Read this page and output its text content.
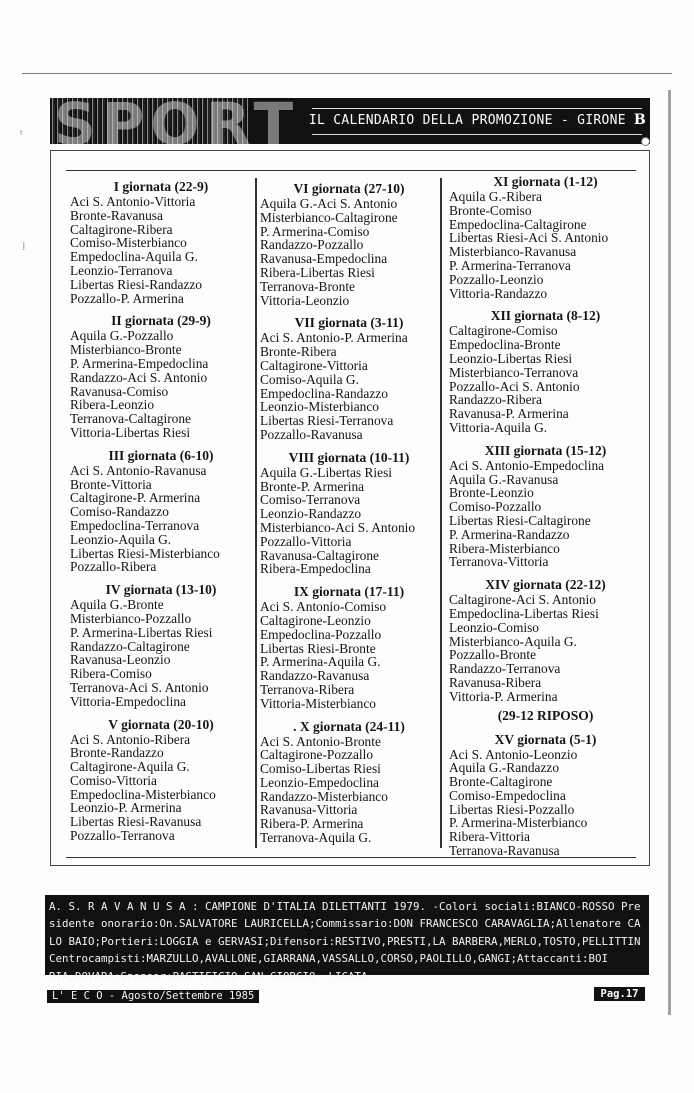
ᵗ
⁞
SPORT IL CALENDARIO DELLA PROMOZIONE - GIRONE B
I giornata (22-9)
Aci S. Antonio-Vittoria
Bronte-Ravanusa
Caltagirone-Ribera
Comiso-Misterbianco
Empedoclina-Aquila G.
Leonzio-Terranova
Libertas Riesi-Randazzo
Pozzallo-P. Armerina
II giornata (29-9)
Aquila G.-Pozzallo
Misterbianco-Bronte
P. Armerina-Empedoclina
Randazzo-Aci S. Antonio
Ravanusa-Comiso
Ribera-Leonzio
Terranova-Caltagirone
Vittoria-Libertas Riesi
III giornata (6-10)
Aci S. Antonio-Ravanusa
Bronte-Vittoria
Caltagirone-P. Armerina
Comiso-Randazzo
Empedoclina-Terranova
Leonzio-Aquila G.
Libertas Riesi-Misterbianco
Pozzallo-Ribera
IV giornata (13-10)
Aquila G.-Bronte
Misterbianco-Pozzallo
P. Armerina-Libertas Riesi
Randazzo-Caltagirone
Ravanusa-Leonzio
Ribera-Comiso
Terranova-Aci S. Antonio
Vittoria-Empedoclina
V giornata (20-10)
Aci S. Antonio-Ribera
Bronte-Randazzo
Caltagirone-Aquila G.
Comiso-Vittoria
Empedoclina-Misterbianco
Leonzio-P. Armerina
Libertas Riesi-Ravanusa
Pozzallo-Terranova
VI giornata (27-10)
Aquila G.-Aci S. Antonio
Misterbianco-Caltagirone
P. Armerina-Comiso
Randazzo-Pozzallo
Ravanusa-Empedoclina
Ribera-Libertas Riesi
Terranova-Bronte
Vittoria-Leonzio
VII giornata (3-11)
Aci S. Antonio-P. Armerina
Bronte-Ribera
Caltagirone-Vittoria
Comiso-Aquila G.
Empedoclina-Randazzo
Leonzio-Misterbianco
Libertas Riesi-Terranova
Pozzallo-Ravanusa
VIII giornata (10-11)
Aquila G.-Libertas Riesi
Bronte-P. Armerina
Comiso-Terranova
Leonzio-Randazzo
Misterbianco-Aci S. Antonio
Pozzallo-Vittoria
Ravanusa-Caltagirone
Ribera-Empedoclina
IX giornata (17-11)
Aci S. Antonio-Comiso
Caltagirone-Leonzio
Empedoclina-Pozzallo
Libertas Riesi-Bronte
P. Armerina-Aquila G.
Randazzo-Ravanusa
Terranova-Ribera
Vittoria-Misterbianco
. X giornata (24-11)
Aci S. Antonio-Bronte
Caltagirone-Pozzallo
Comiso-Libertas Riesi
Leonzio-Empedoclina
Randazzo-Misterbianco
Ravanusa-Vittoria
Ribera-P. Armerina
Terranova-Aquila G.
XI giornata (1-12)
Aquila G.-Ribera
Bronte-Comiso
Empedoclina-Caltagirone
Libertas Riesi-Aci S. Antonio
Misterbianco-Ravanusa
P. Armerina-Terranova
Pozzallo-Leonzio
Vittoria-Randazzo
XII giornata (8-12)
Caltagirone-Comiso
Empedoclina-Bronte
Leonzio-Libertas Riesi
Misterbianco-Terranova
Pozzallo-Aci S. Antonio
Randazzo-Ribera
Ravanusa-P. Armerina
Vittoria-Aquila G.
XIII giornata (15-12)
Aci S. Antonio-Empedoclina
Aquila G.-Ravanusa
Bronte-Leonzio
Comiso-Pozzallo
Libertas Riesi-Caltagirone
P. Armerina-Randazzo
Ribera-Misterbianco
Terranova-Vittoria
XIV giornata (22-12)
Caltagirone-Aci S. Antonio
Empedoclina-Libertas Riesi
Leonzio-Comiso
Misterbianco-Aquila G.
Pozzallo-Bronte
Randazzo-Terranova
Ravanusa-Ribera
Vittoria-P. Armerina
(29-12 RIPOSO)
XV giornata (5-1)
Aci S. Antonio-Leonzio
Aquila G.-Randazzo
Bronte-Caltagirone
Comiso-Empedoclina
Libertas Riesi-Pozzallo
P. Armerina-Misterbianco
Ribera-Vittoria
Terranova-Ravanusa
A. S. R A V A N U S A : CAMPIONE D'ITALIA DILETTANTI 1979. -Colori sociali:BIANCO-ROSSO Pre
sidente onorario:On.SALVATORE LAURICELLA;Commissario:DON FRANCESCO CARAVAGLIA;Allenatore CA
LO BAIO;Portieri:LOGGIA e GERVASI;Difensori:RESTIVO,PRESTI,LA BARBERA,MERLO,TOSTO,PELLITTIN
Centrocampisti:MARZULLO,AVALLONE,GIARRANA,VASSALLO,CORSO,PAOLILLO,GANGI;Attaccanti:BOI
RIA,DOVARA;Sponsor:PASTIFICIO SAN GIORGIO -LICATA- .
L' E C O - Agosto/Settembre 1985	Pag.17
